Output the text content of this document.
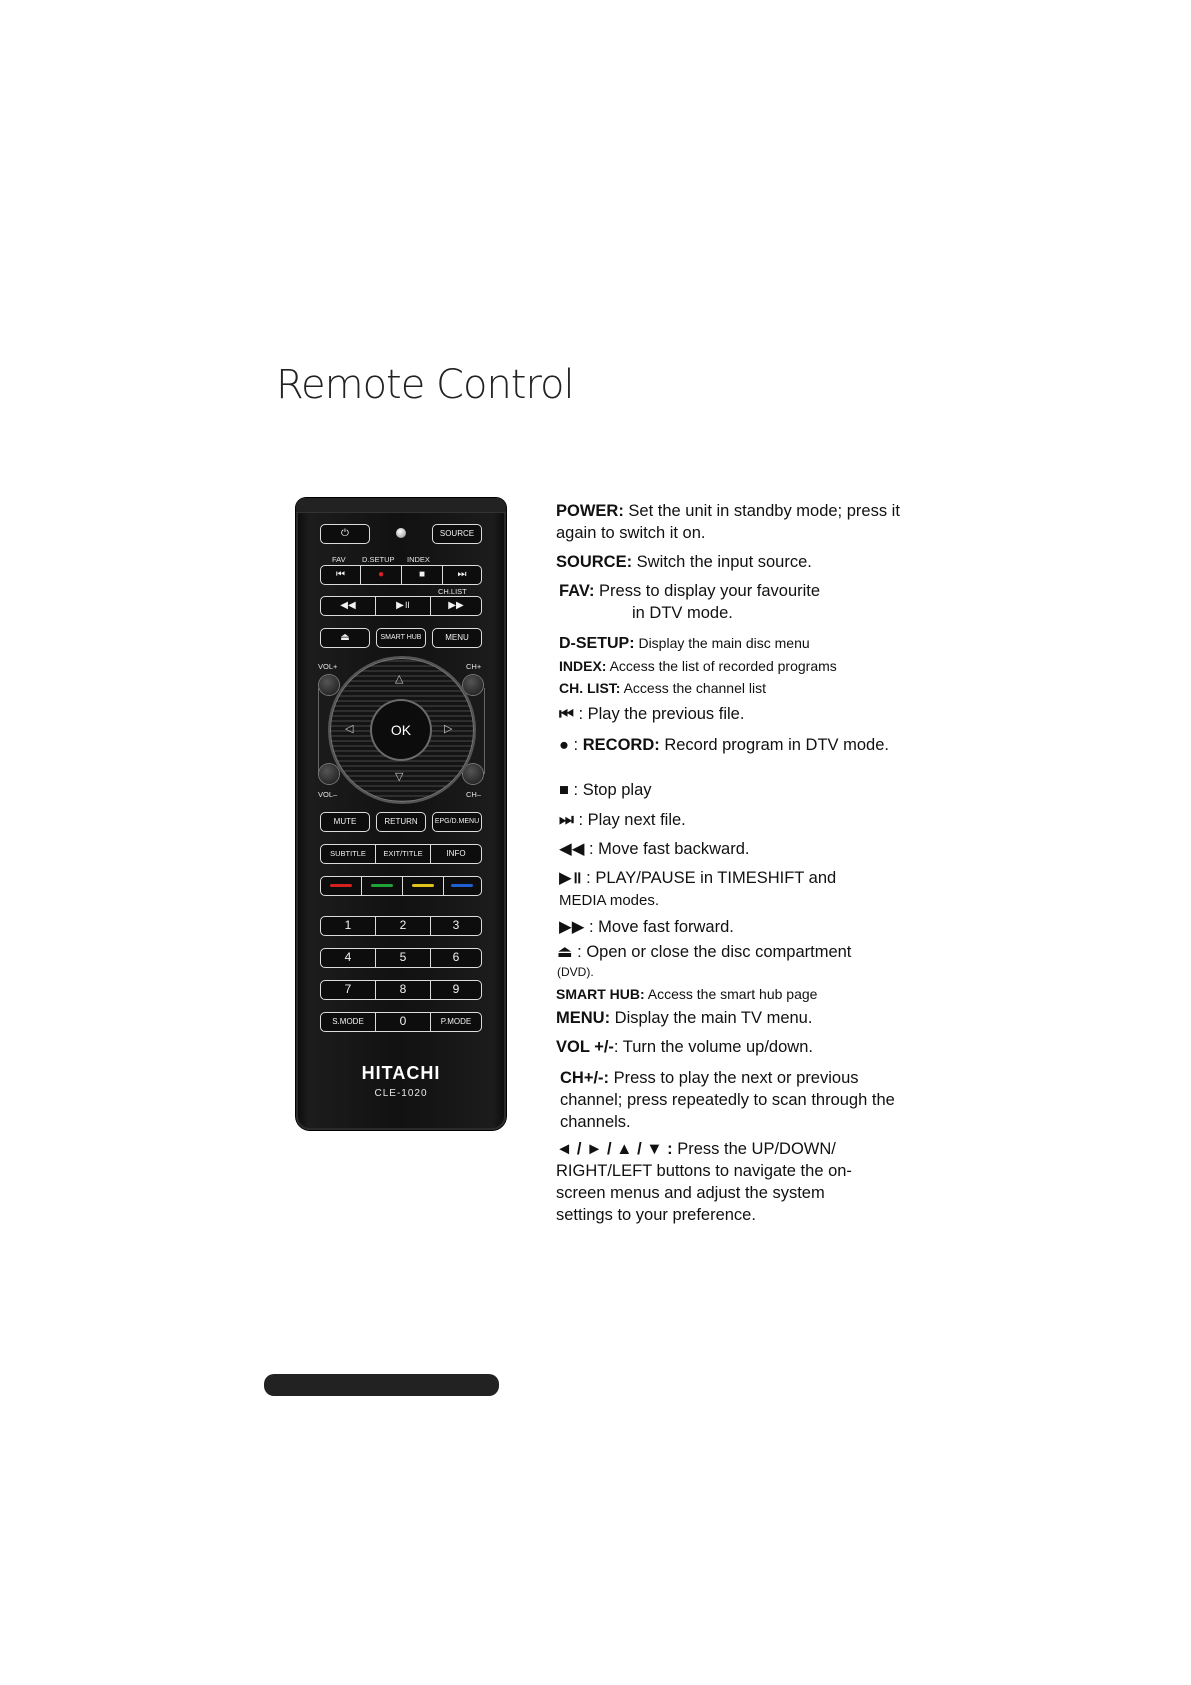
Remote Control
⏻	SOURCE
FAV D.SETUP INDEX
⏮	●	■	⏭
CH.LIST
◀◀	▶॥	▶▶
⏏	SMART HUB	MENU
VOL+	CH+
VOL–	CH–
△
▽
◁	▷
OK
MUTE	RETURN	EPG/D.MENU
SUBTITLE	EXIT/TITLE	INFO
1	2	3
4	5	6
7	8	9
S.MODE	0	P.MODE
HITACHI
CLE-1020
POWER: Set the unit in standby mode; press it again to switch it on.
SOURCE: Switch the input source.
FAV: Press to display your favourite
in DTV mode.
D-SETUP: Display the main disc menu
INDEX: Access the list of recorded programs
CH. LIST: Access the channel list
⏮ : Play the previous file.
● : RECORD: Record program in DTV mode.
■ : Stop play
⏭ : Play next file.
◀◀ : Move fast backward.
▶॥ : PLAY/PAUSE in TIMESHIFT and
MEDIA modes.
▶▶ : Move fast forward.
⏏ : Open or close the disc compartment
(DVD).
SMART HUB: Access the smart hub page
MENU: Display the main TV menu.
VOL +/-: Turn the volume up/down.
CH+/-: Press to play the next or previous channel; press repeatedly to scan through the channels.
◄ / ► / ▲ / ▼ : Press the UP/DOWN/ RIGHT/LEFT buttons to navigate the on-screen menus and adjust the system settings to your preference.
